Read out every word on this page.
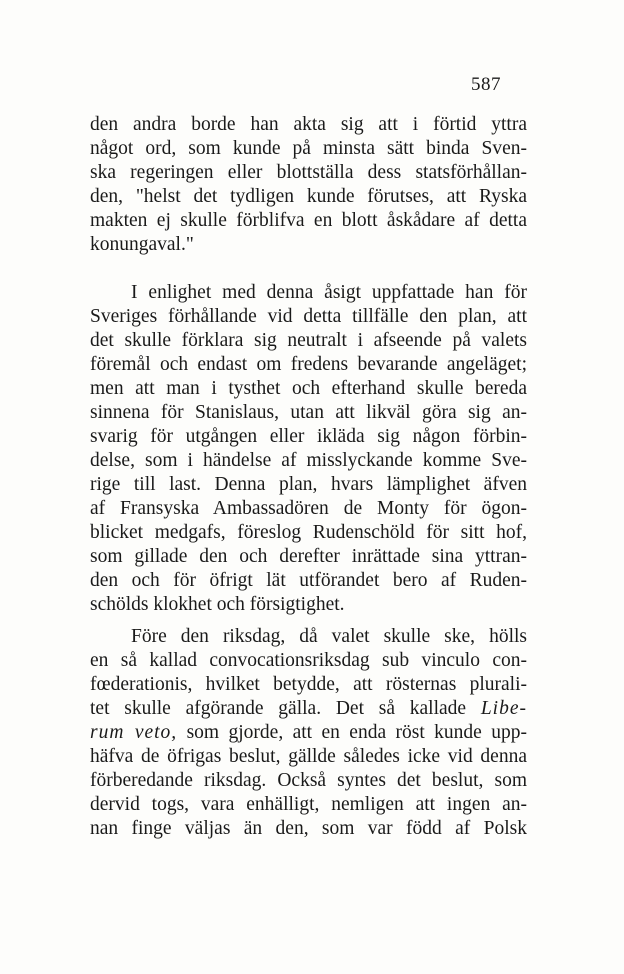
587
den andra borde han akta sig att i förtid yttra
något ord, som kunde på minsta sätt binda Sven-
ska regeringen eller blottställa dess statsförhållan-
den, "helst det tydligen kunde förutses, att Ryska
makten ej skulle förblifva en blott åskådare af detta
konungaval."
I enlighet med denna åsigt uppfattade han för
Sveriges förhållande vid detta tillfälle den plan, att
det skulle förklara sig neutralt i afseende på valets
föremål och endast om fredens bevarande angeläget;
men att man i tysthet och efterhand skulle bereda
sinnena för Stanislaus, utan att likväl göra sig an-
svarig för utgången eller ikläda sig någon förbin-
delse, som i händelse af misslyckande komme Sve-
rige till last. Denna plan, hvars lämplighet äfven
af Fransyska Ambassadören de Monty för ögon-
blicket medgafs, föreslog Rudenschöld för sitt hof,
som gillade den och derefter inrättade sina yttran-
den och för öfrigt lät utförandet bero af Ruden-
schölds klokhet och försigtighet.
Före den riksdag, då valet skulle ske, hölls
en så kallad convocationsriksdag sub vinculo con-
fœderationis, hvilket betydde, att rösternas plurali-
tet skulle afgörande gälla. Det så kallade Libe-
rum veto, som gjorde, att en enda röst kunde upp-
häfva de öfrigas beslut, gällde således icke vid denna
förberedande riksdag. Också syntes det beslut, som
dervid togs, vara enhälligt, nemligen att ingen an-
nan finge väljas än den, som var född af Polsk
